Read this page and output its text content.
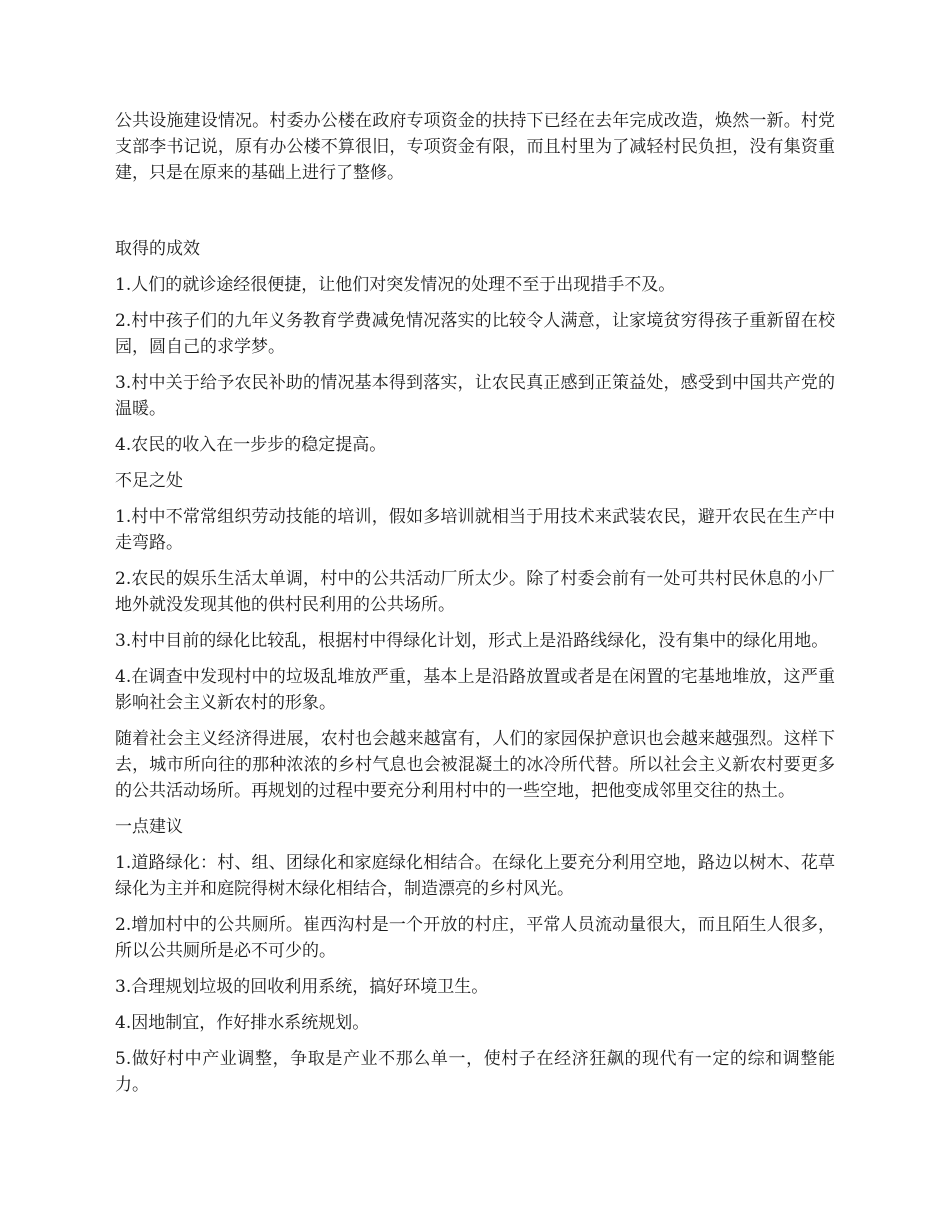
公共设施建设情况。村委办公楼在政府专项资金的扶持下已经在去年完成改造，焕然一新。村党支部李书记说，原有办公楼不算很旧，专项资金有限，而且村里为了减轻村民负担，没有集资重建，只是在原来的基础上进行了整修。

取得的成效

1.人们的就诊途经很便捷，让他们对突发情况的处理不至于出现措手不及。

2.村中孩子们的九年义务教育学费减免情况落实的比较令人满意，让家境贫穷得孩子重新留在校园，圆自己的求学梦。

3.村中关于给予农民补助的情况基本得到落实，让农民真正感到正策益处，感受到中国共产党的温暖。

4.农民的收入在一步步的稳定提高。

不足之处

1.村中不常常组织劳动技能的培训，假如多培训就相当于用技术来武装农民，避开农民在生产中走弯路。

2.农民的娱乐生活太单调，村中的公共活动厂所太少。除了村委会前有一处可共村民休息的小厂地外就没发现其他的供村民利用的公共场所。

3.村中目前的绿化比较乱，根据村中得绿化计划，形式上是沿路线绿化，没有集中的绿化用地。

4.在调查中发现村中的垃圾乱堆放严重，基本上是沿路放置或者是在闲置的宅基地堆放，这严重影响社会主义新农村的形象。

随着社会主义经济得进展，农村也会越来越富有，人们的家园保护意识也会越来越强烈。这样下去，城市所向往的那种浓浓的乡村气息也会被混凝土的冰冷所代替。所以社会主义新农村要更多的公共活动场所。再规划的过程中要充分利用村中的一些空地，把他变成邻里交往的热土。

一点建议

1.道路绿化：村、组、团绿化和家庭绿化相结合。在绿化上要充分利用空地，路边以树木、花草绿化为主并和庭院得树木绿化相结合，制造漂亮的乡村风光。

2.增加村中的公共厕所。崔西沟村是一个开放的村庄，平常人员流动量很大，而且陌生人很多，所以公共厕所是必不可少的。

3.合理规划垃圾的回收利用系统，搞好环境卫生。

4.因地制宜，作好排水系统规划。

5.做好村中产业调整，争取是产业不那么单一，使村子在经济狂飙的现代有一定的综和调整能力。
